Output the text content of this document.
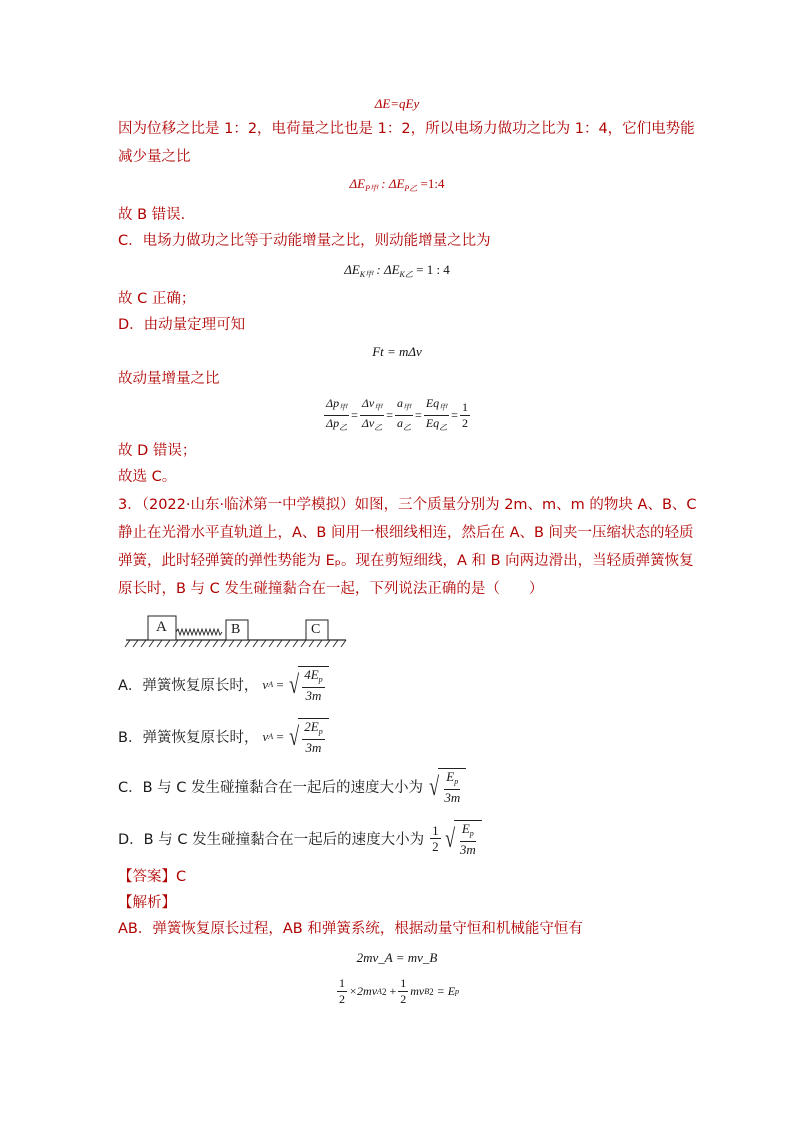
ΔE=qEy
因为位移之比是 1：2，电荷量之比也是 1：2，所以电场力做功之比为 1：4，它们电势能
减少量之比
$\Delta E_{P甲}$ : $\Delta E_{P乙}$ =1:4
故 B 错误．
C．电场力做功之比等于动能增量之比，则动能增量之比为
$\Delta E_{K甲}$ : $\Delta E_{K乙} = 1$ : 4
故 C 正确；
D．由动量定理可知
Ft = mΔv
故动量增量之比
$\frac{\Delta p_甲}{\Delta p_乙} = \frac{\Delta v_甲}{\Delta v_乙} = \frac{a_甲}{a_乙} = \frac{Eq_甲}{Eq_乙} = \frac{1}{2}$
故 D 错误；
故选 C。
3．（2022·山东·临沭第一中学模拟）如图，三个质量分别为 2m、m、m 的物块 A、B、C
静止在光滑水平直轨道上，A、B 间用一根细线相连，然后在 A、B 间夹一压缩状态的轻质
弹簧，此时轻弹簧的弹性势能为 Eₚ。现在剪短细线，A 和 B 向两边滑出，当轻质弹簧恢复
原长时，B 与 C 发生碰撞黏合在一起，下列说法正确的是（　　）
A	B	C
A．弹簧恢复原长时， v A = √ $\frac{4E_p}{3m}$
B．弹簧恢复原长时， v A = √ $\frac{2E_p}{3m}$
C．B 与 C 发生碰撞黏合在一起后的速度大小为 √ $\frac{E_p}{3m}$
D．B 与 C 发生碰撞黏合在一起后的速度大小为 $\frac{1}{2}$ √ $\frac{E_p}{3m}$
【答案】C
【解析】
AB．弹簧恢复原长过程，AB 和弹簧系统，根据动量守恒和机械能守恒有
2mv_A = mv_B
$\frac{1}{2} \times 2mv$ A 2
+ $\frac{1}{2}$ mv B 2
= E p
